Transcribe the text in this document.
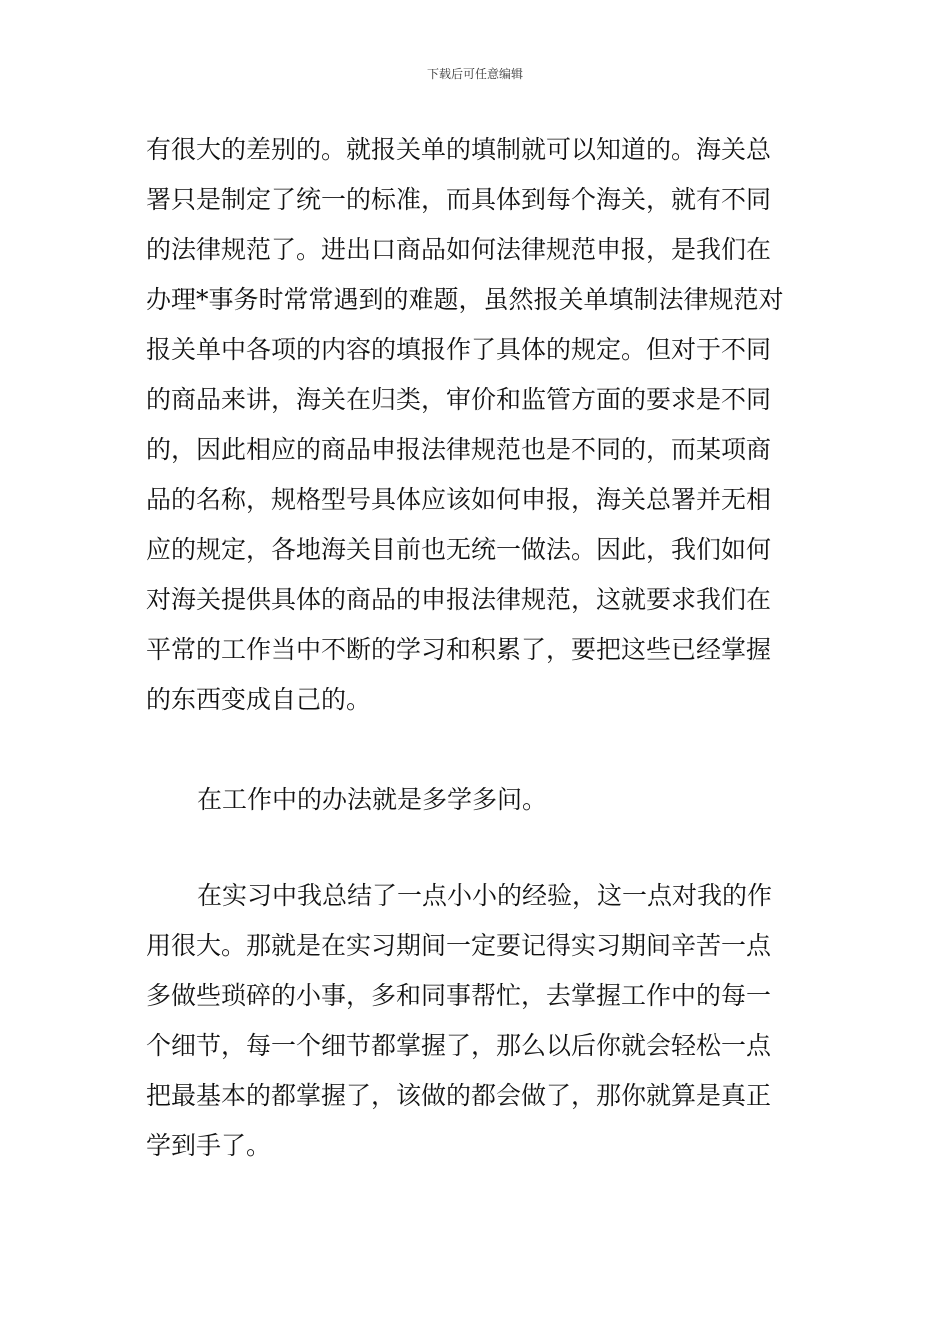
下载后可任意编辑
有很大的差别的。就报关单的填制就可以知道的。海关总
署只是制定了统一的标准，而具体到每个海关，就有不同
的法律规范了。进出口商品如何法律规范申报，是我们在
办理*事务时常常遇到的难题，虽然报关单填制法律规范对
报关单中各项的内容的填报作了具体的规定。但对于不同
的商品来讲，海关在归类，审价和监管方面的要求是不同
的，因此相应的商品申报法律规范也是不同的，而某项商
品的名称，规格型号具体应该如何申报，海关总署并无相
应的规定，各地海关目前也无统一做法。因此，我们如何
对海关提供具体的商品的申报法律规范，这就要求我们在
平常的工作当中不断的学习和积累了，要把这些已经掌握
的东西变成自己的。
在工作中的办法就是多学多问。
在实习中我总结了一点小小的经验，这一点对我的作
用很大。那就是在实习期间一定要记得实习期间辛苦一点
多做些琐碎的小事，多和同事帮忙，去掌握工作中的每一
个细节，每一个细节都掌握了，那么以后你就会轻松一点
把最基本的都掌握了，该做的都会做了，那你就算是真正
学到手了。
